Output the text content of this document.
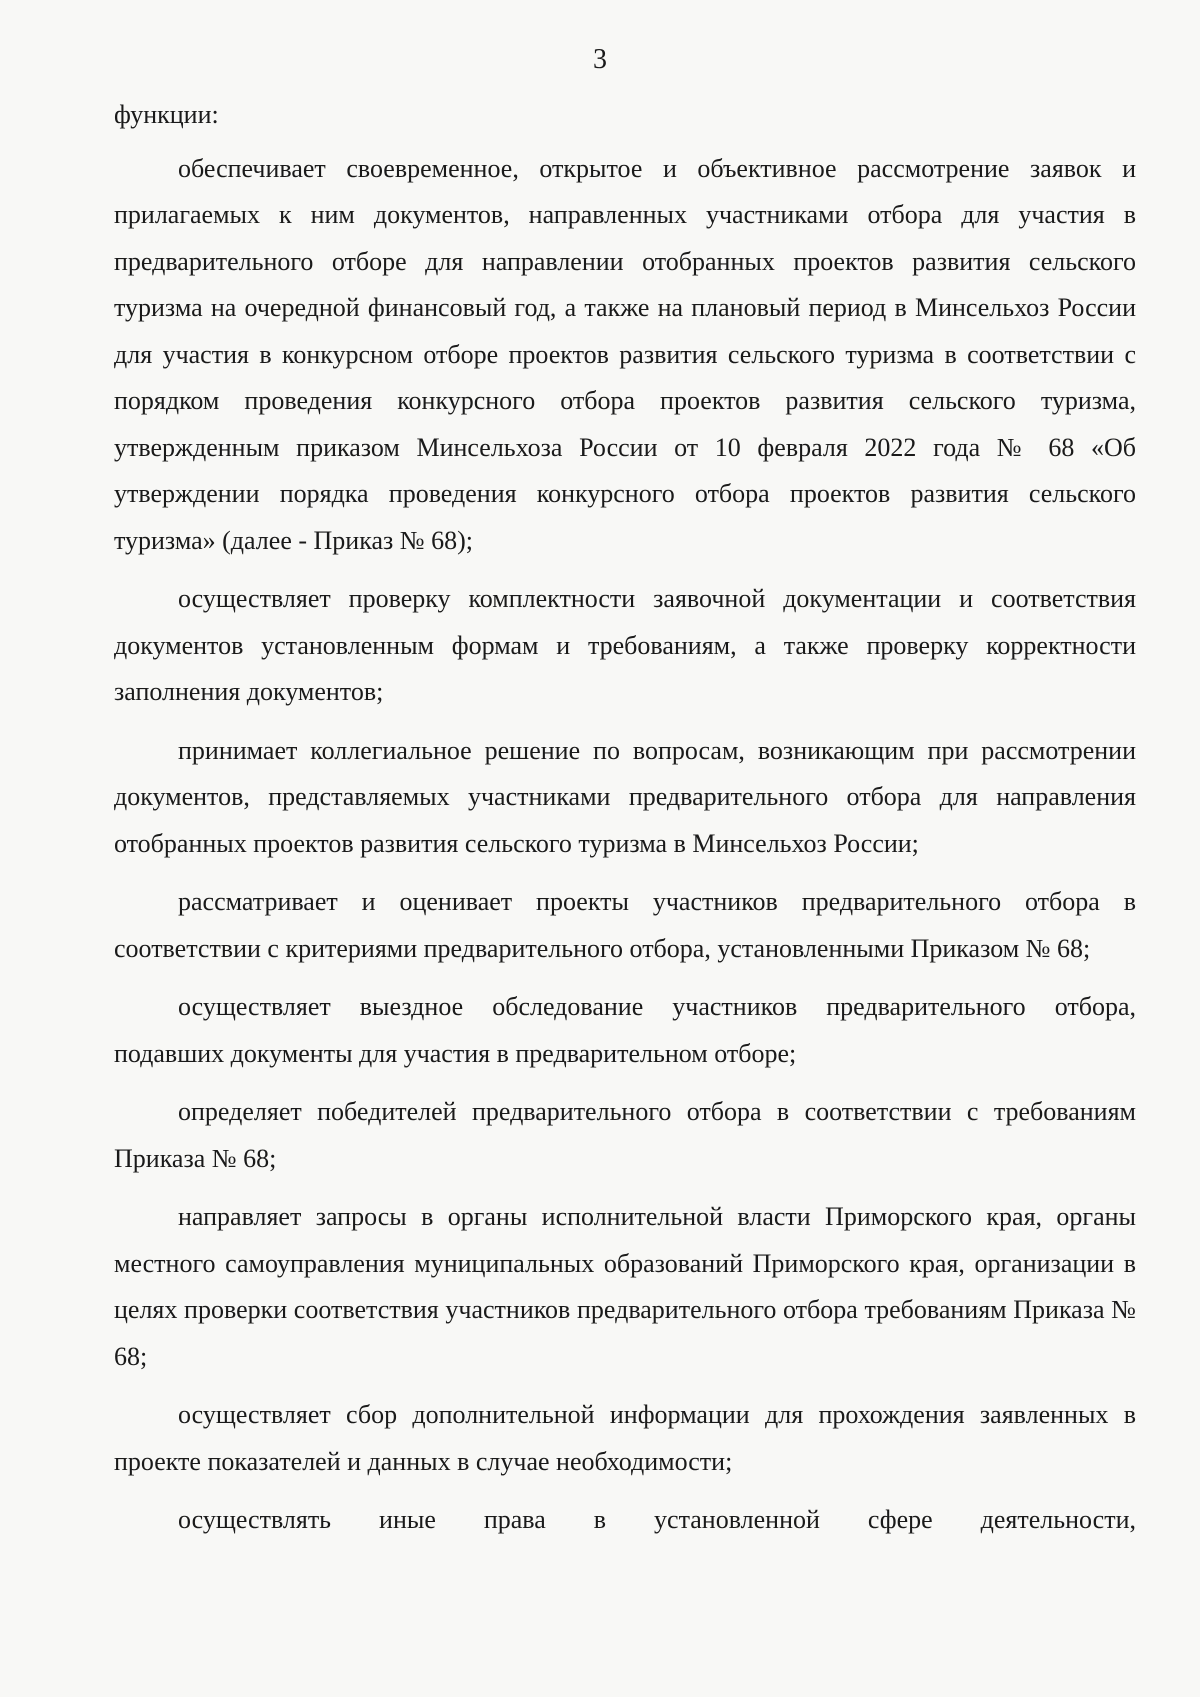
3

функции:

обеспечивает своевременное, открытое и объективное рассмотрение заявок и прилагаемых к ним документов, направленных участниками отбора для участия в предварительного отборе для направлении отобранных проектов развития сельского туризма на очередной финансовый год, а также на плановый период в Минсельхоз России для участия в конкурсном отборе проектов развития сельского туризма в соответствии с порядком проведения конкурсного отбора проектов развития сельского туризма, утвержденным приказом Минсельхоза России от 10 февраля 2022 года № 68 «Об утверждении порядка проведения конкурсного отбора проектов развития сельского туризма» (далее - Приказ № 68);

осуществляет проверку комплектности заявочной документации и соответствия документов установленным формам и требованиям, а также проверку корректности заполнения документов;

принимает коллегиальное решение по вопросам, возникающим при рассмотрении документов, представляемых участниками предварительного отбора для направления отобранных проектов развития сельского туризма в Минсельхоз России;

рассматривает и оценивает проекты участников предварительного отбора в соответствии с критериями предварительного отбора, установленными Приказом № 68;

осуществляет выездное обследование участников предварительного отбора, подавших документы для участия в предварительном отборе;

определяет победителей предварительного отбора в соответствии с требованиям Приказа № 68;

направляет запросы в органы исполнительной власти Приморского края, органы местного самоуправления муниципальных образований Приморского края, организации в целях проверки соответствия участников предварительного отбора требованиям Приказа № 68;

осуществляет сбор дополнительной информации для прохождения заявленных в проекте показателей и данных в случае необходимости;

осуществлять иные права в установленной сфере деятельности,
